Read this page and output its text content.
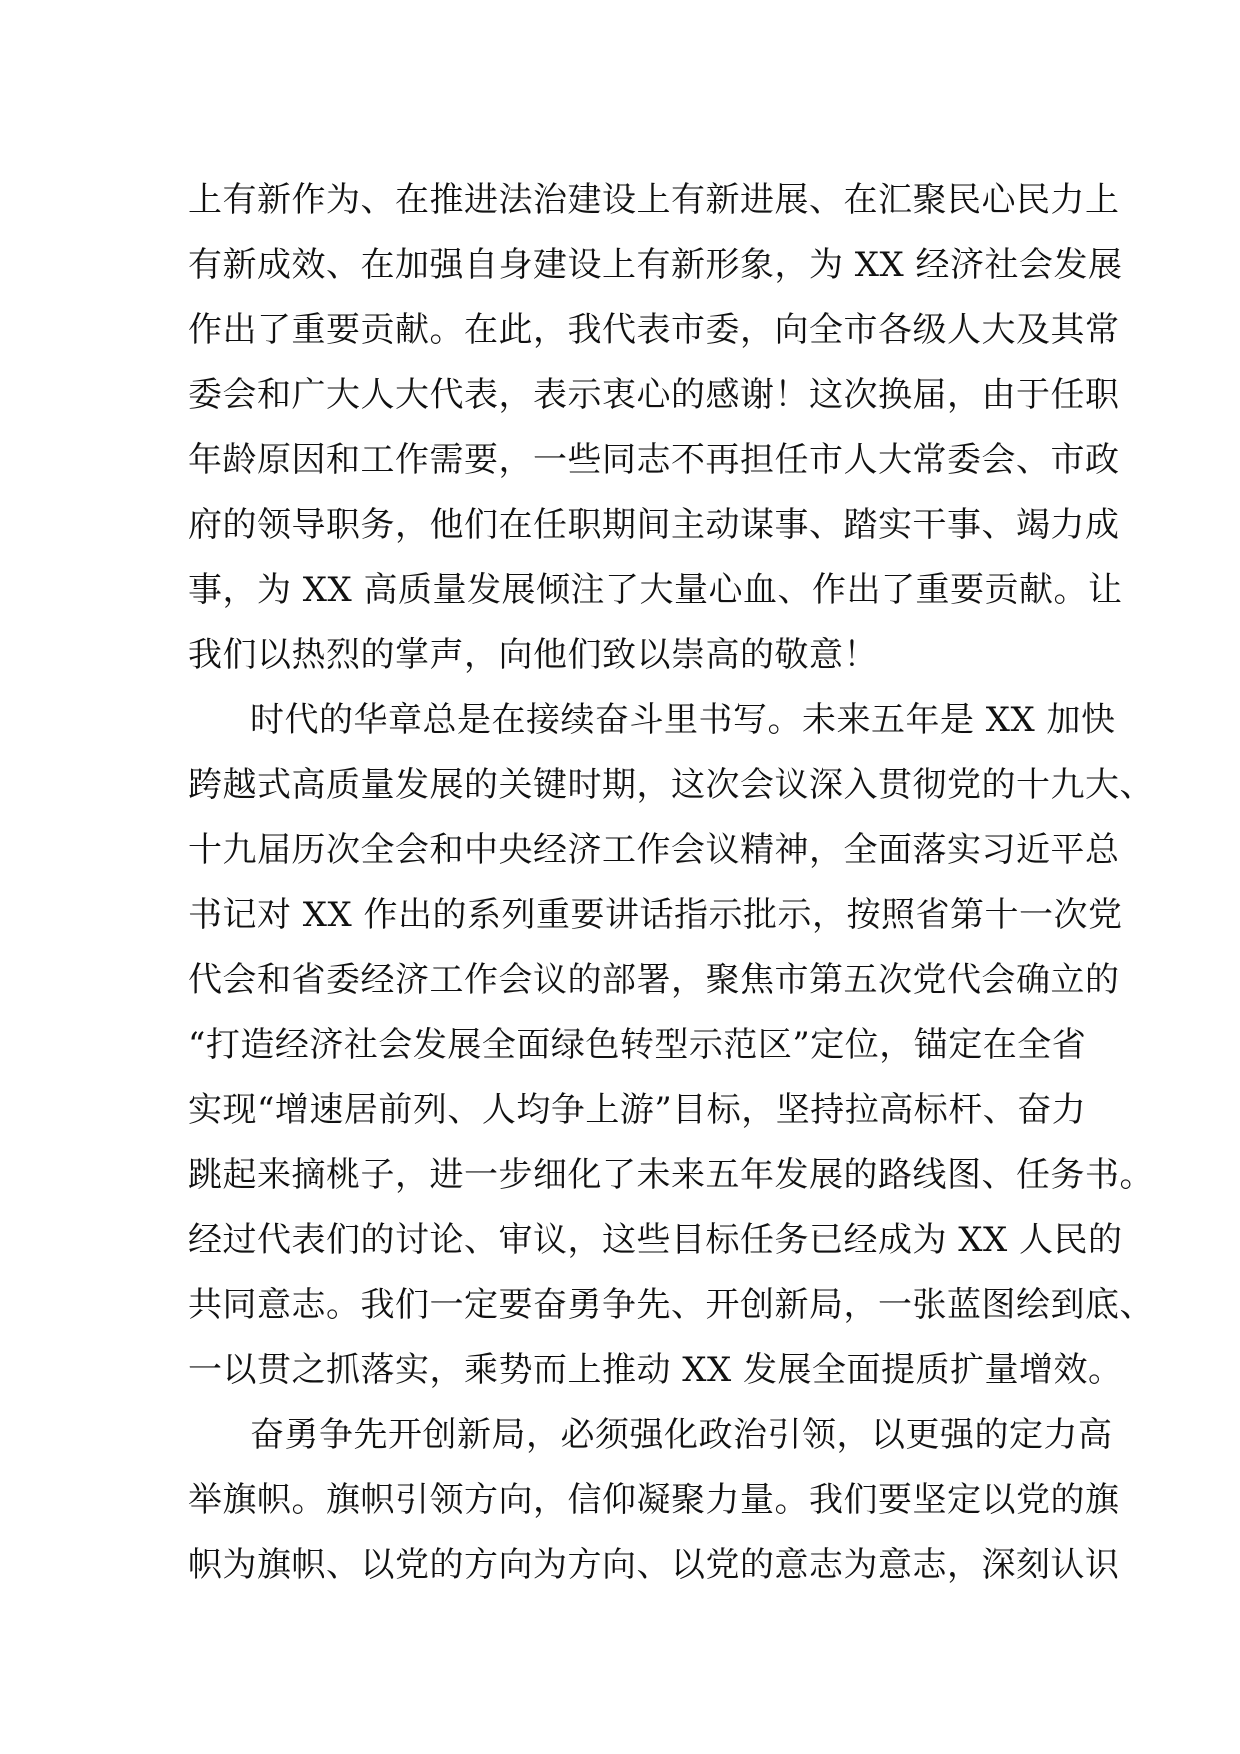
上有新作为、在推进法治建设上有新进展、在汇聚民心民力上
有新成效、在加强自身建设上有新形象，为 XX 经济社会发展
作出了重要贡献。在此，我代表市委，向全市各级人大及其常
委会和广大人大代表，表示衷心的感谢！这次换届，由于任职
年龄原因和工作需要，一些同志不再担任市人大常委会、市政
府的领导职务，他们在任职期间主动谋事、踏实干事、竭力成
事，为 XX 高质量发展倾注了大量心血、作出了重要贡献。让
我们以热烈的掌声，向他们致以崇高的敬意！
时代的华章总是在接续奋斗里书写。未来五年是 XX 加快
跨越式高质量发展的关键时期，这次会议深入贯彻党的十九大、
十九届历次全会和中央经济工作会议精神，全面落实习近平总
书记对 XX 作出的系列重要讲话指示批示，按照省第十一次党
代会和省委经济工作会议的部署，聚焦市第五次党代会确立的
“打造经济社会发展全面绿色转型示范区”定位，锚定在全省
实现“增速居前列、人均争上游”目标，坚持拉高标杆、奋力
跳起来摘桃子，进一步细化了未来五年发展的路线图、任务书。
经过代表们的讨论、审议，这些目标任务已经成为 XX 人民的
共同意志。我们一定要奋勇争先、开创新局，一张蓝图绘到底、
一以贯之抓落实，乘势而上推动 XX 发展全面提质扩量增效。
奋勇争先开创新局，必须强化政治引领，以更强的定力高
举旗帜。旗帜引领方向，信仰凝聚力量。我们要坚定以党的旗
帜为旗帜、以党的方向为方向、以党的意志为意志，深刻认识
